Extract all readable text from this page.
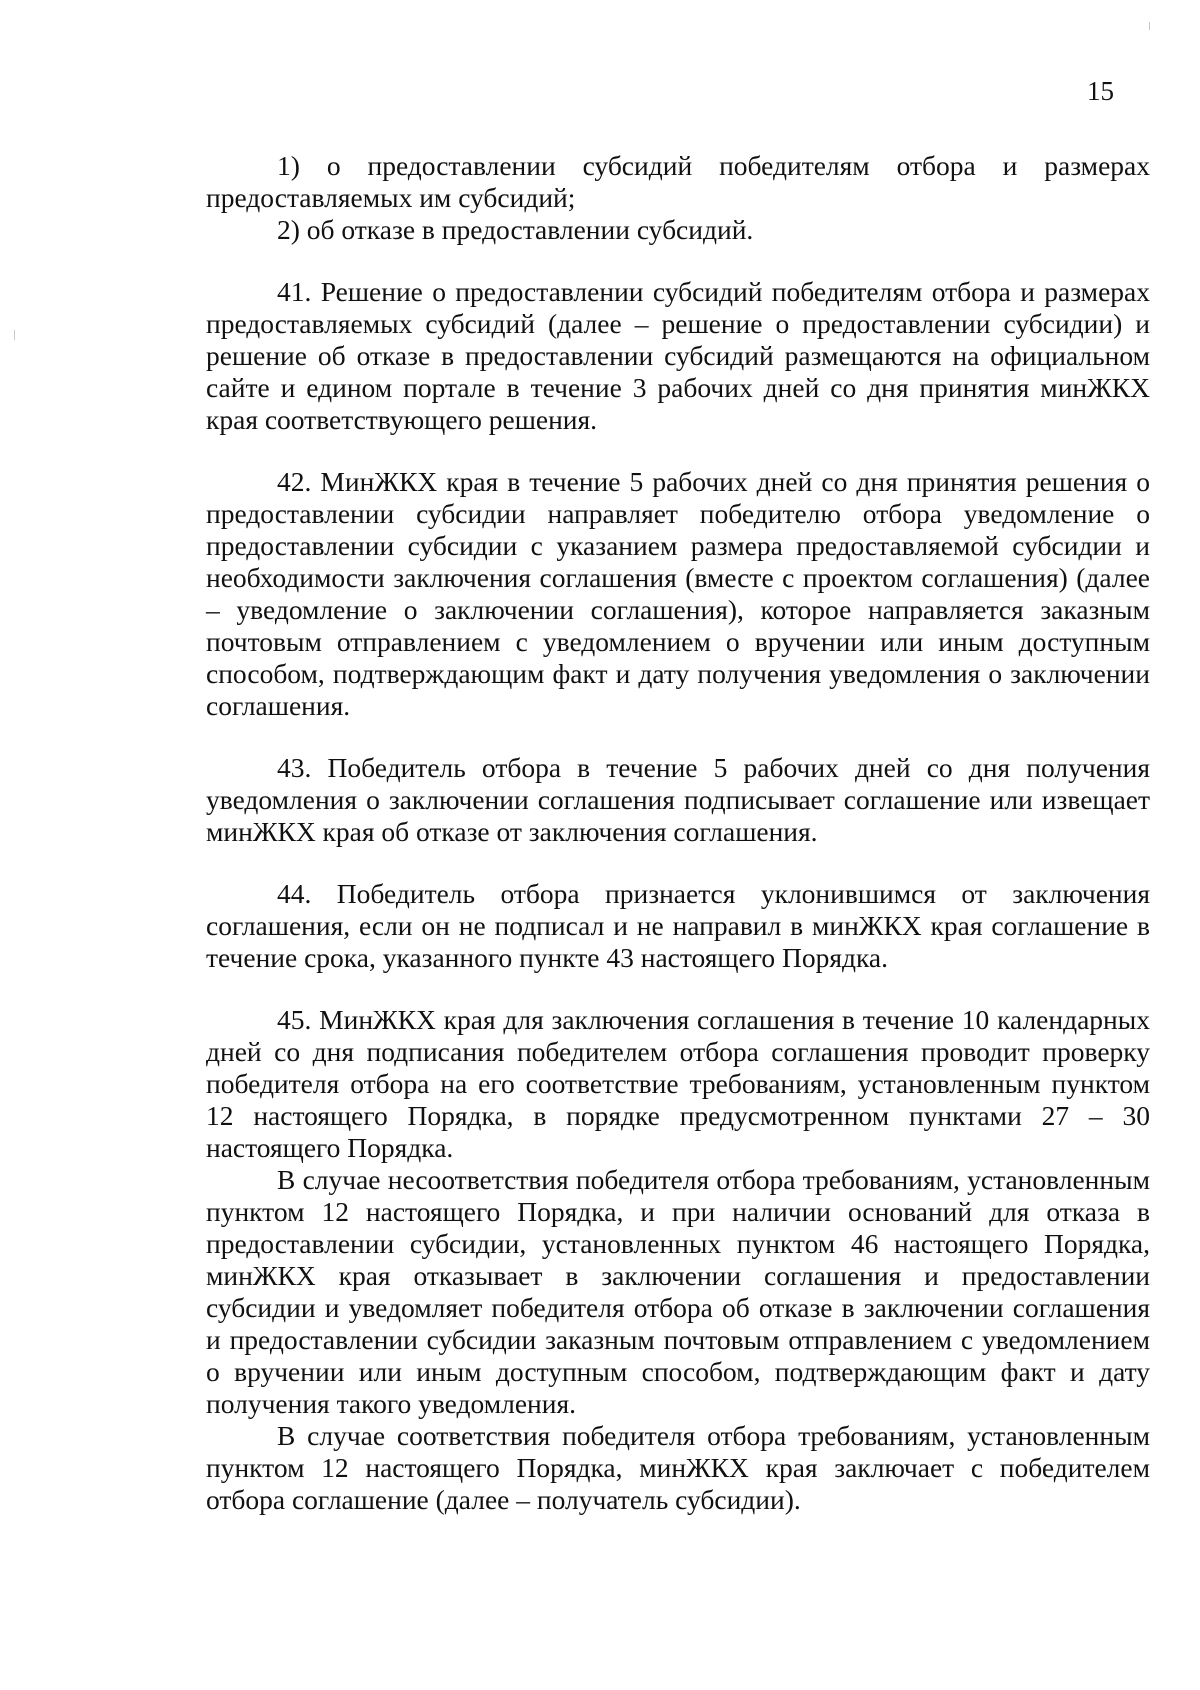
15

1) о предоставлении субсидий победителям отбора и размерах предоставляемых им субсидий;

2) об отказе в предоставлении субсидий.

41. Решение о предоставлении субсидий победителям отбора и размерах предоставляемых субсидий (далее – решение о предоставлении субсидии) и решение об отказе в предоставлении субсидий размещаются на официальном сайте и едином портале в течение 3 рабочих дней со дня принятия минЖКХ края соответствующего решения.

42. МинЖКХ края в течение 5 рабочих дней со дня принятия решения о предоставлении субсидии направляет победителю отбора уведомление о предоставлении субсидии с указанием размера предоставляемой субсидии и необходимости заключения соглашения (вместе с проектом соглашения) (далее – уведомление о заключении соглашения), которое направляется заказным почтовым отправлением с уведомлением о вручении или иным доступным способом, подтверждающим факт и дату получения уведомления о заключении соглашения.

43. Победитель отбора в течение 5 рабочих дней со дня получения уведомления о заключении соглашения подписывает соглашение или извещает минЖКХ края об отказе от заключения соглашения.

44. Победитель отбора признается уклонившимся от заключения соглашения, если он не подписал и не направил в минЖКХ края соглашение в течение срока, указанного пункте 43 настоящего Порядка.

45. МинЖКХ края для заключения соглашения в течение 10 календарных дней со дня подписания победителем отбора соглашения проводит проверку победителя отбора на его соответствие требованиям, установленным пунктом 12 настоящего Порядка, в порядке предусмотренном пунктами 27 – 30 настоящего Порядка.

В случае несоответствия победителя отбора требованиям, установленным пунктом 12 настоящего Порядка, и при наличии оснований для отказа в предоставлении субсидии, установленных пунктом 46 настоящего Порядка, минЖКХ края отказывает в заключении соглашения и предоставлении субсидии и уведомляет победителя отбора об отказе в заключении соглашения и предоставлении субсидии заказным почтовым отправлением с уведомлением о вручении или иным доступным способом, подтверждающим факт и дату получения такого уведомления.

В случае соответствия победителя отбора требованиям, установленным пунктом 12 настоящего Порядка, минЖКХ края заключает с победителем отбора соглашение (далее – получатель субсидии).
